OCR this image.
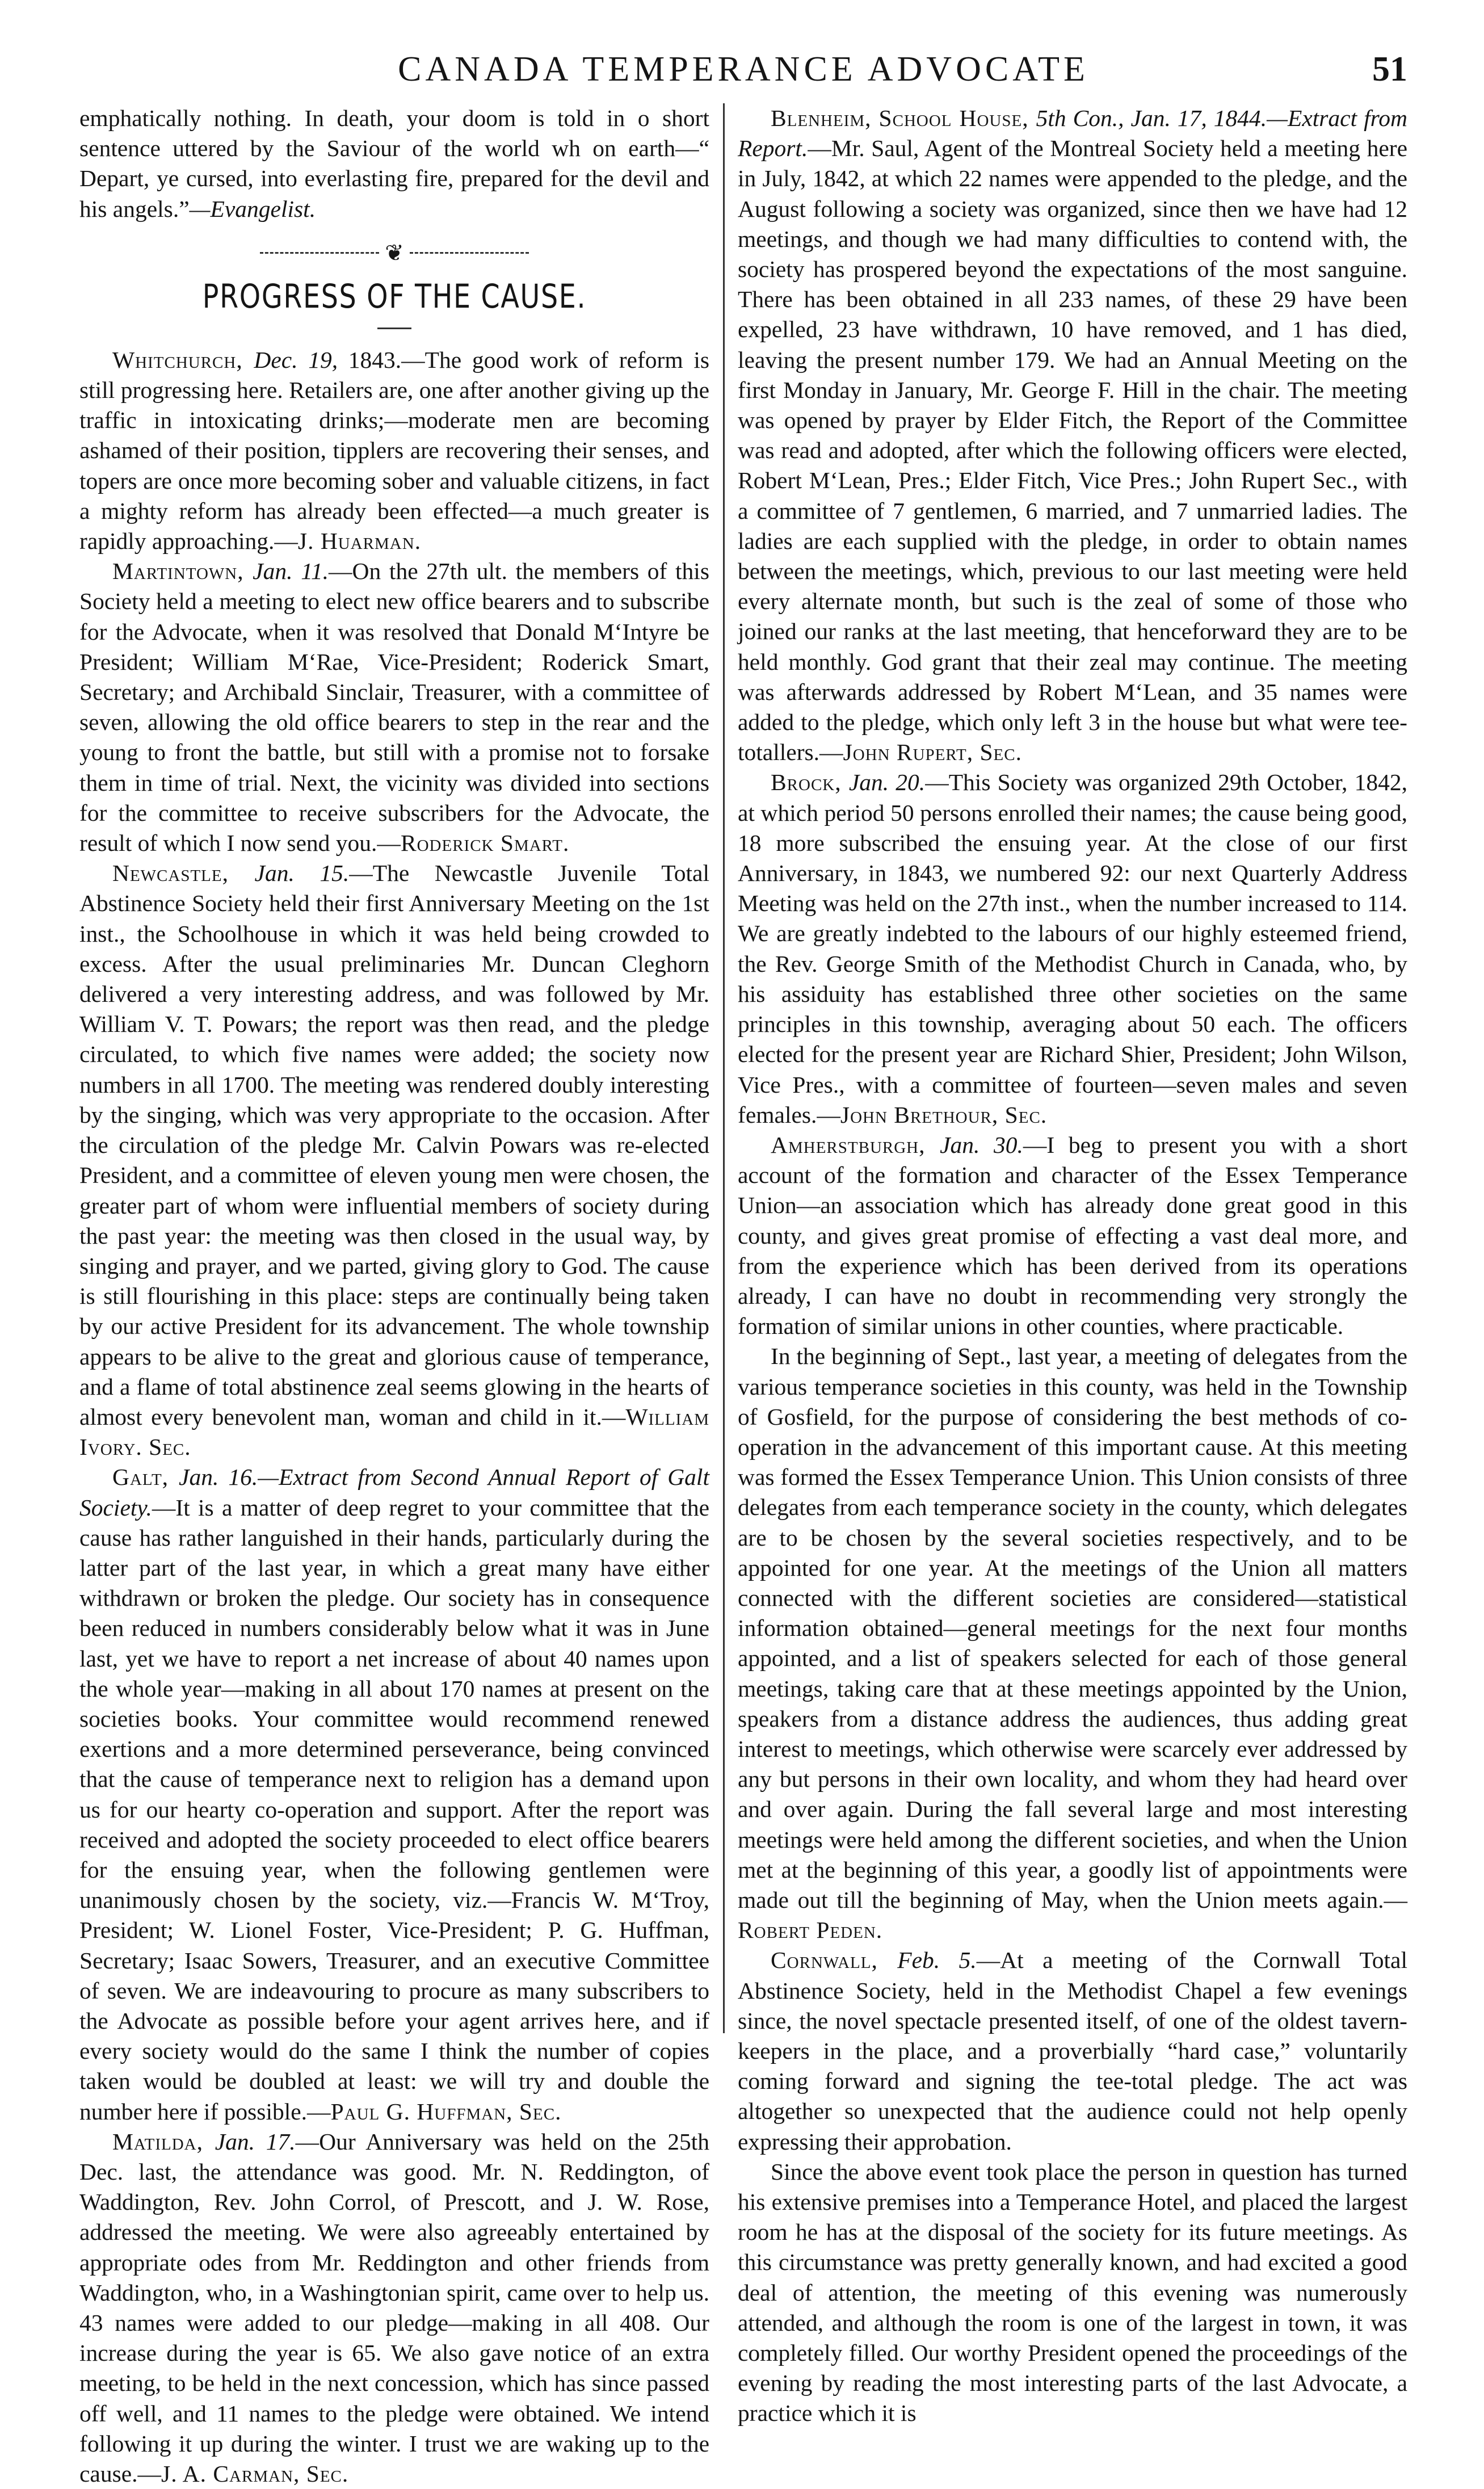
CANADA TEMPERANCE ADVOCATE	51

emphatically nothing. In death, your doom is told in o short sentence uttered by the Saviour of the world wh on earth—“ Depart, ye cursed, into everlasting fire, prepared for the devil and his angels.”—Evangelist.

❦
PROGRESS OF THE CAUSE.

Whitchurch, Dec. 19, 1843.—The good work of reform is still progressing here. Retailers are, one after another giving up the traffic in intoxicating drinks;—moderate men are becoming ashamed of their position, tipplers are recovering their senses, and topers are once more becoming sober and valuable citizens, in fact a mighty reform has already been effected—a much greater is rapidly approaching.—J. Huarman.

Martintown, Jan. 11.—On the 27th ult. the members of this Society held a meeting to elect new office bearers and to subscribe for the Advocate, when it was resolved that Donald M‘Intyre be President; William M‘Rae, Vice-President; Roderick Smart, Secretary; and Archibald Sinclair, Treasurer, with a committee of seven, allowing the old office bearers to step in the rear and the young to front the battle, but still with a promise not to forsake them in time of trial. Next, the vicinity was divided into sections for the committee to receive subscribers for the Advocate, the result of which I now send you.—Roderick Smart.

Newcastle, Jan. 15.—The Newcastle Juvenile Total Abstinence Society held their first Anniversary Meeting on the 1st inst., the Schoolhouse in which it was held being crowded to excess. After the usual preliminaries Mr. Duncan Cleghorn delivered a very interesting address, and was followed by Mr. William V. T. Powars; the report was then read, and the pledge circulated, to which five names were added; the society now numbers in all 1700. The meeting was rendered doubly interesting by the singing, which was very appropriate to the occasion. After the circulation of the pledge Mr. Calvin Powars was re-elected President, and a committee of eleven young men were chosen, the greater part of whom were influential members of society during the past year: the meeting was then closed in the usual way, by singing and prayer, and we parted, giving glory to God. The cause is still flourishing in this place: steps are continually being taken by our active President for its advancement. The whole township appears to be alive to the great and glorious cause of temperance, and a flame of total abstinence zeal seems glowing in the hearts of almost every benevolent man, woman and child in it.—William Ivory. Sec.

Galt, Jan. 16.—Extract from Second Annual Report of Galt Society.—It is a matter of deep regret to your committee that the cause has rather languished in their hands, particularly during the latter part of the last year, in which a great many have either withdrawn or broken the pledge. Our society has in consequence been reduced in numbers considerably below what it was in June last, yet we have to report a net increase of about 40 names upon the whole year—making in all about 170 names at present on the societies books. Your committee would recommend renewed exertions and a more determined perseverance, being convinced that the cause of temperance next to religion has a demand upon us for our hearty co-operation and support. After the report was received and adopted the society proceeded to elect office bearers for the ensuing year, when the following gentlemen were unanimously chosen by the society, viz.—Francis W. M‘Troy, President; W. Lionel Foster, Vice-President; P. G. Huffman, Secretary; Isaac Sowers, Treasurer, and an executive Committee of seven. We are indeavouring to procure as many subscribers to the Advocate as possible before your agent arrives here, and if every society would do the same I think the number of copies taken would be doubled at least: we will try and double the number here if possible.—Paul G. Huffman, Sec.

Matilda, Jan. 17.—Our Anniversary was held on the 25th Dec. last, the attendance was good. Mr. N. Reddington, of Waddington, Rev. John Corrol, of Prescott, and J. W. Rose, addressed the meeting. We were also agreeably entertained by appropriate odes from Mr. Reddington and other friends from Waddington, who, in a Washingtonian spirit, came over to help us. 43 names were added to our pledge—making in all 408. Our increase during the year is 65. We also gave notice of an extra meeting, to be held in the next concession, which has since passed off well, and 11 names to the pledge were obtained. We intend following it up during the winter. I trust we are waking up to the cause.—J. A. Carman, Sec.

Blenheim, School House, 5th Con., Jan. 17, 1844.—Extract from Report.—Mr. Saul, Agent of the Montreal Society held a meeting here in July, 1842, at which 22 names were appended to the pledge, and the August following a society was organized, since then we have had 12 meetings, and though we had many difficulties to contend with, the society has prospered beyond the expectations of the most sanguine. There has been obtained in all 233 names, of these 29 have been expelled, 23 have withdrawn, 10 have removed, and 1 has died, leaving the present number 179. We had an Annual Meeting on the first Monday in January, Mr. George F. Hill in the chair. The meeting was opened by prayer by Elder Fitch, the Report of the Committee was read and adopted, after which the following officers were elected, Robert M‘Lean, Pres.; Elder Fitch, Vice Pres.; John Rupert Sec., with a committee of 7 gentlemen, 6 married, and 7 unmarried ladies. The ladies are each supplied with the pledge, in order to obtain names between the meetings, which, previous to our last meeting were held every alternate month, but such is the zeal of some of those who joined our ranks at the last meeting, that henceforward they are to be held monthly. God grant that their zeal may continue. The meeting was afterwards addressed by Robert M‘Lean, and 35 names were added to the pledge, which only left 3 in the house but what were tee-totallers.—John Rupert, Sec.

Brock, Jan. 20.—This Society was organized 29th October, 1842, at which period 50 persons enrolled their names; the cause being good, 18 more subscribed the ensuing year. At the close of our first Anniversary, in 1843, we numbered 92: our next Quarterly Address Meeting was held on the 27th inst., when the number increased to 114. We are greatly indebted to the labours of our highly esteemed friend, the Rev. George Smith of the Methodist Church in Canada, who, by his assiduity has established three other societies on the same principles in this township, averaging about 50 each. The officers elected for the present year are Richard Shier, President; John Wilson, Vice Pres., with a committee of fourteen—seven males and seven females.—John Brethour, Sec.

Amherstburgh, Jan. 30.—I beg to present you with a short account of the formation and character of the Essex Temperance Union—an association which has already done great good in this county, and gives great promise of effecting a vast deal more, and from the experience which has been derived from its operations already, I can have no doubt in recommending very strongly the formation of similar unions in other counties, where practicable.

In the beginning of Sept., last year, a meeting of delegates from the various temperance societies in this county, was held in the Township of Gosfield, for the purpose of considering the best methods of co-operation in the advancement of this important cause. At this meeting was formed the Essex Temperance Union. This Union consists of three delegates from each temperance society in the county, which delegates are to be chosen by the several societies respectively, and to be appointed for one year. At the meetings of the Union all matters connected with the different societies are considered—statistical information obtained—general meetings for the next four months appointed, and a list of speakers selected for each of those general meetings, taking care that at these meetings appointed by the Union, speakers from a distance address the audiences, thus adding great interest to meetings, which otherwise were scarcely ever addressed by any but persons in their own locality, and whom they had heard over and over again. During the fall several large and most interesting meetings were held among the different societies, and when the Union met at the beginning of this year, a goodly list of appointments were made out till the beginning of May, when the Union meets again.—Robert Peden.

Cornwall, Feb. 5.—At a meeting of the Cornwall Total Abstinence Society, held in the Methodist Chapel a few evenings since, the novel spectacle presented itself, of one of the oldest tavern-keepers in the place, and a proverbially “hard case,” voluntarily coming forward and signing the tee-total pledge. The act was altogether so unexpected that the audience could not help openly expressing their approbation.

Since the above event took place the person in question has turned his extensive premises into a Temperance Hotel, and placed the largest room he has at the disposal of the society for its future meetings. As this circumstance was pretty generally known, and had excited a good deal of attention, the meeting of this evening was numerously attended, and although the room is one of the largest in town, it was completely filled. Our worthy President opened the proceedings of the evening by reading the most interesting parts of the last Advocate, a practice which it is
